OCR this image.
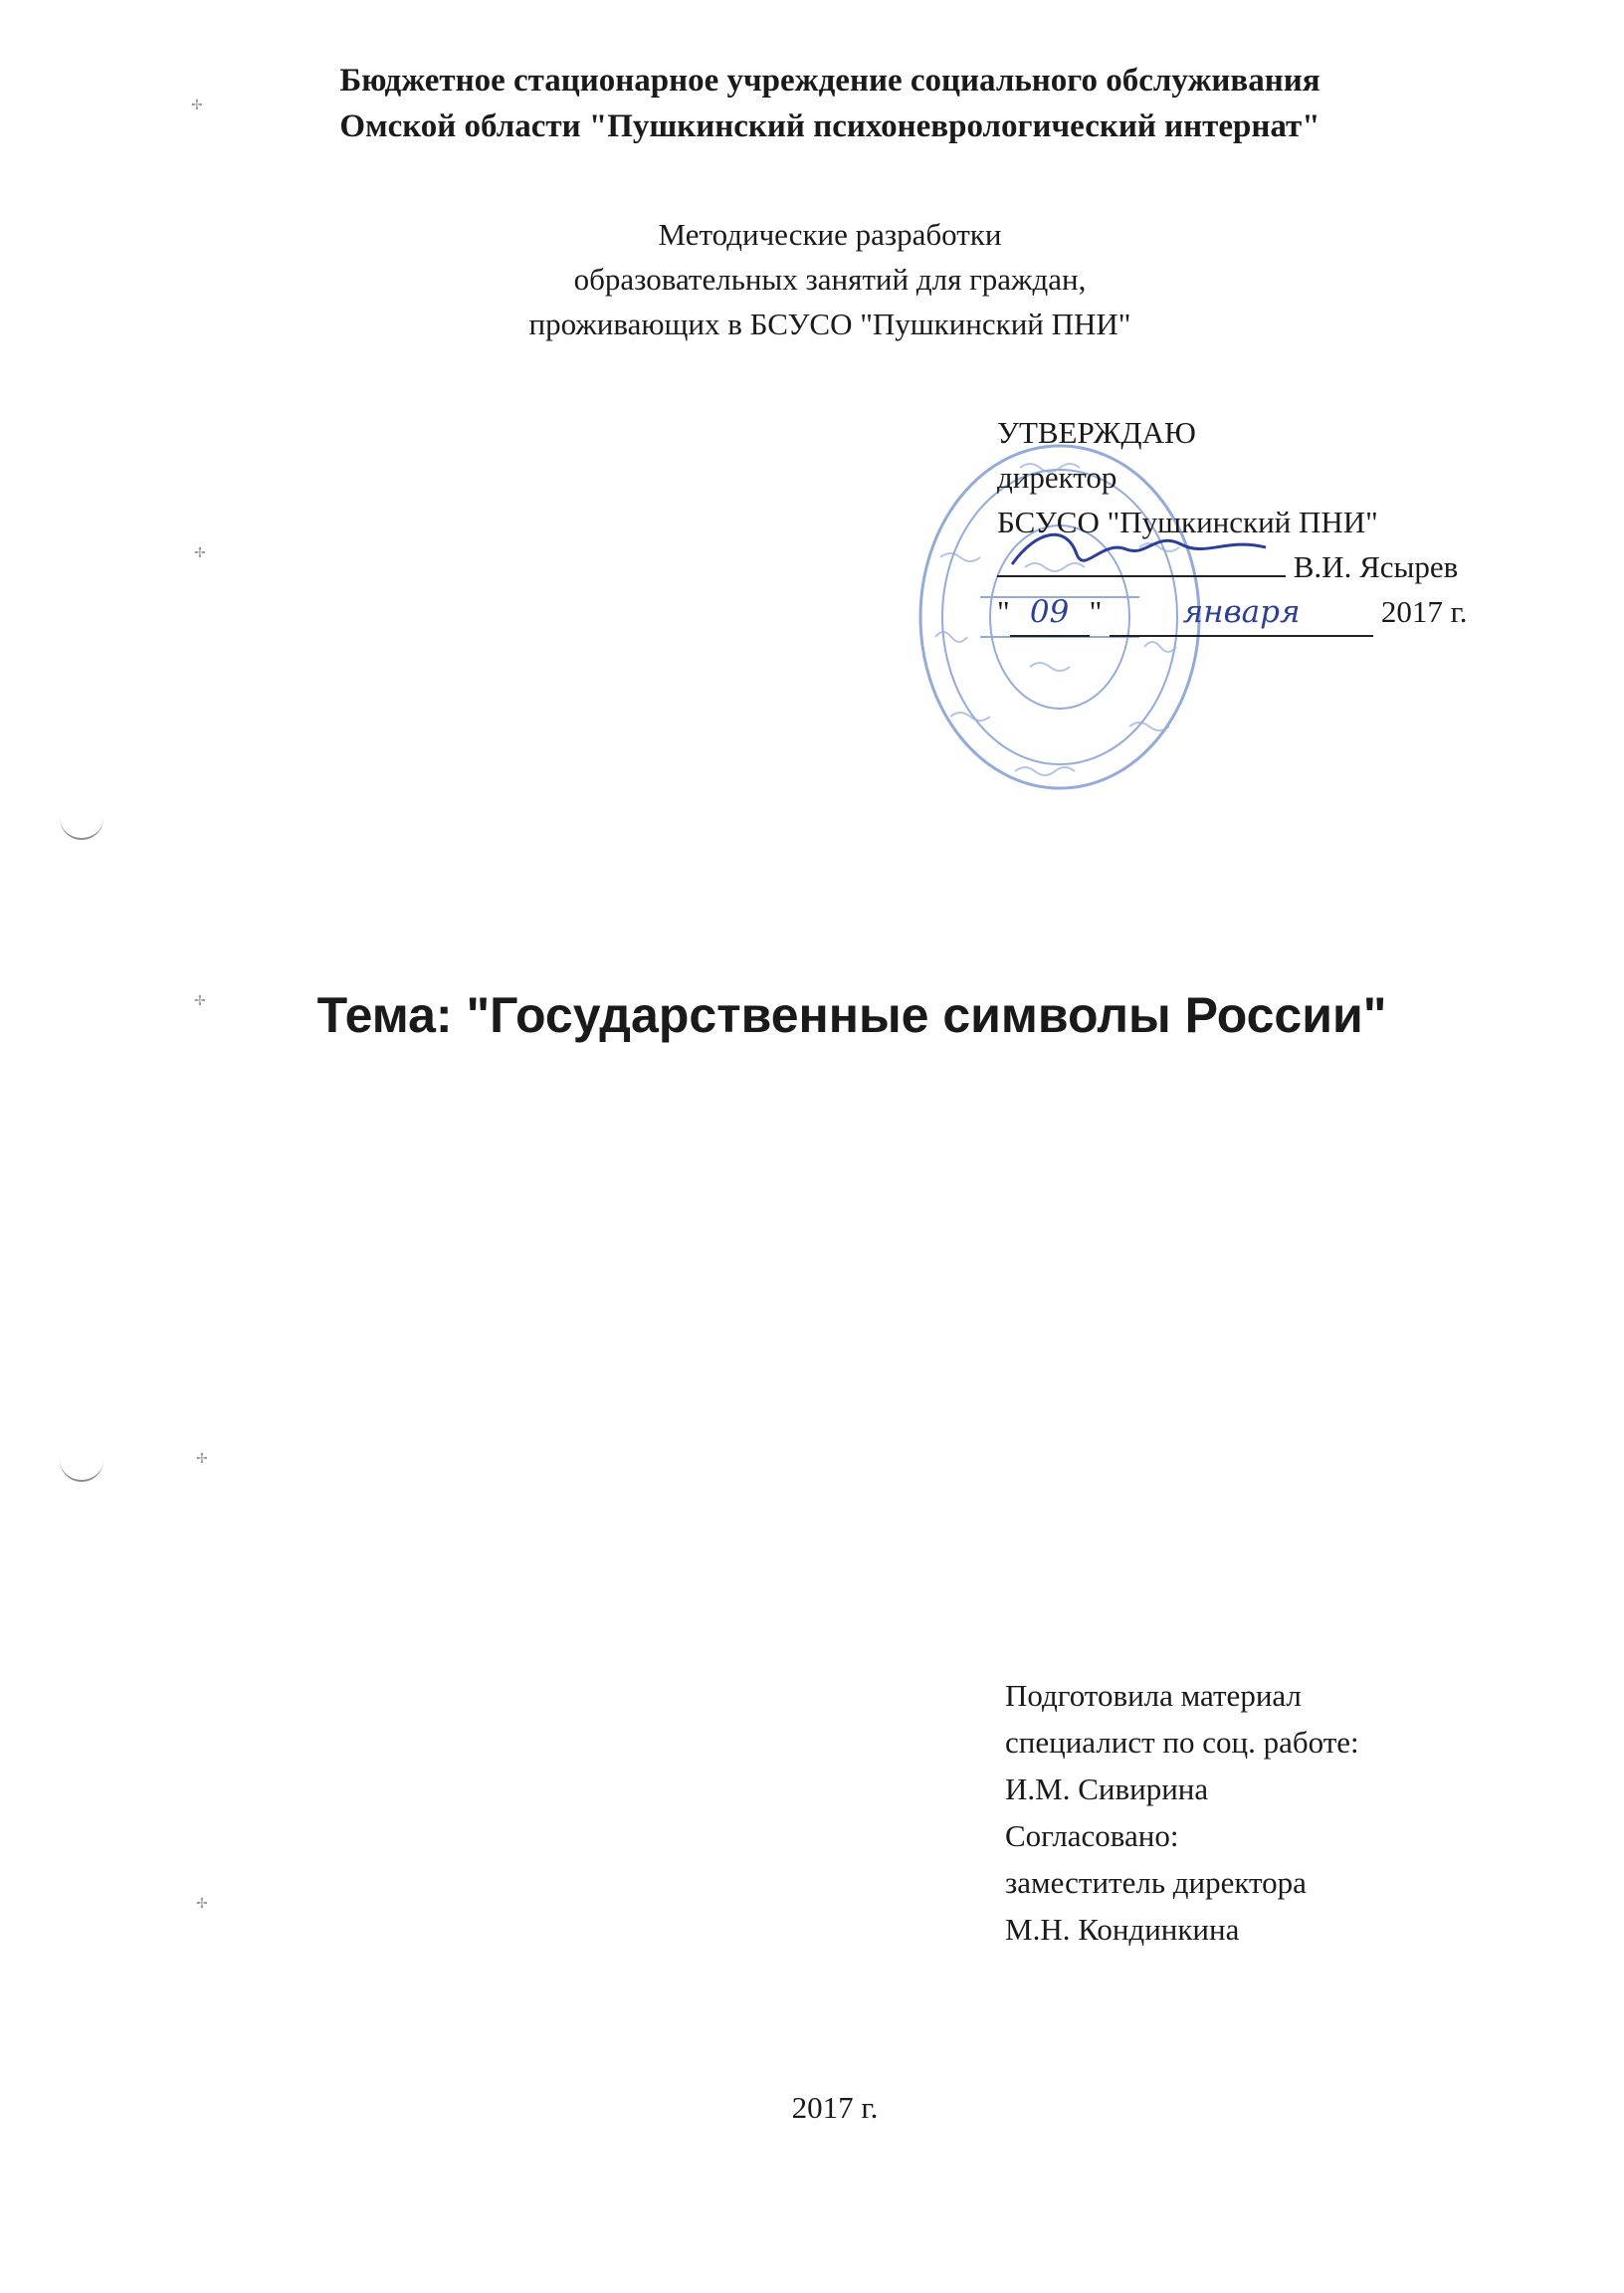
✢
✢
✢
✢
✢
Бюджетное стационарное учреждение социального обслуживания
Омской области "Пушкинский психоневрологический интернат"
Методические разработки
образовательных занятий для граждан,
проживающих в БСУСО "Пушкинский ПНИ"
УТВЕРЖДАЮ
директор
БСУСО "Пушкинский ПНИ"
В.И. Ясырев
" 09 "	января	2017 г.
Тема: "Государственные символы России"
Подготовила материал
специалист по соц. работе:
И.М. Сивирина
Согласовано:
заместитель директора
М.Н. Кондинкина
2017 г.
